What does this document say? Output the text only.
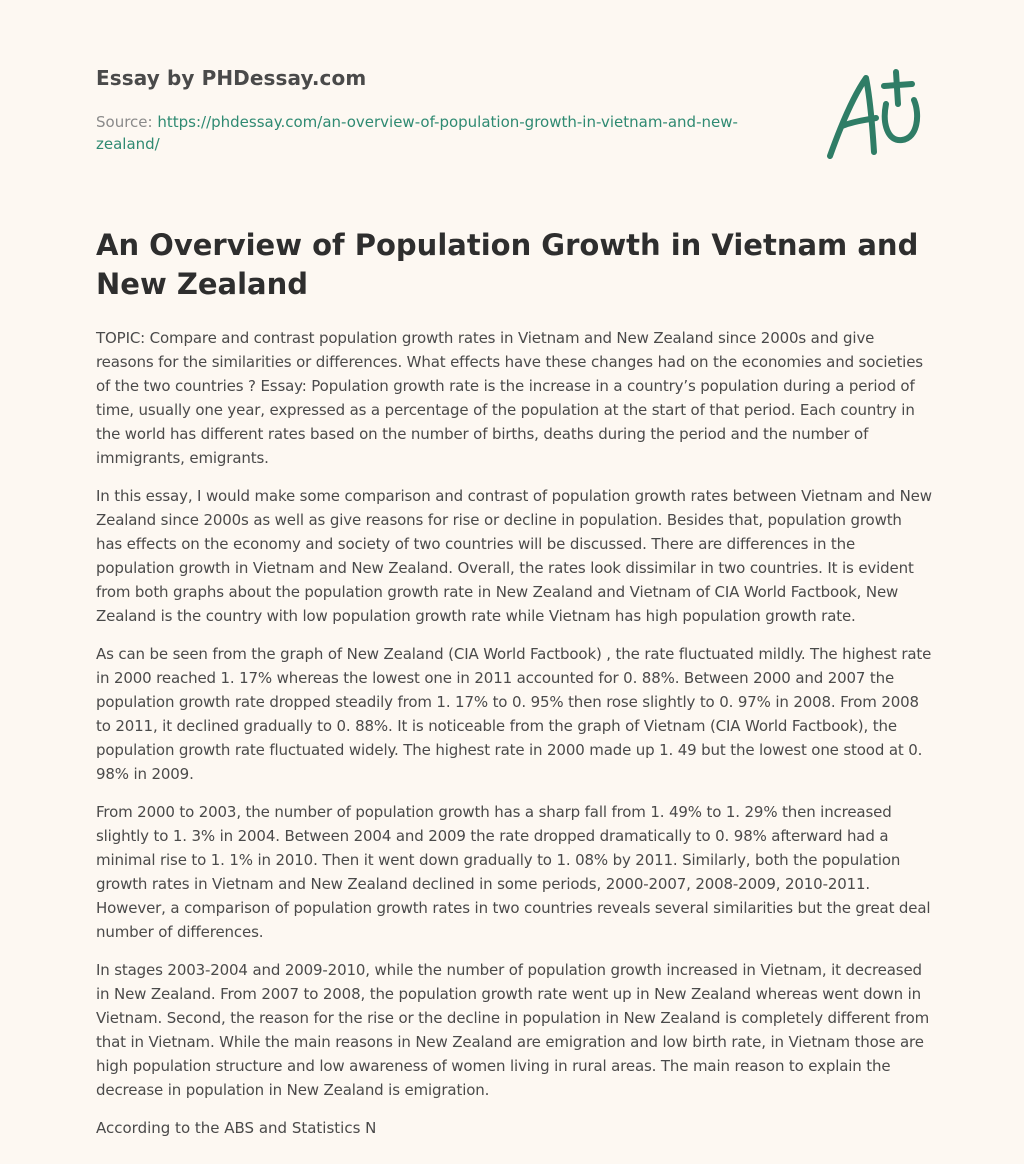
Essay by PHDessay.com
Source: https://phdessay.com/an-overview-of-population-growth-in-vietnam-and-new-zealand/
An Overview of Population Growth in Vietnam and New Zealand

TOPIC: Compare and contrast population growth rates in Vietnam and New Zealand since 2000s and give reasons for the similarities or differences. What effects have these changes had on the economies and societies of the two countries ? Essay: Population growth rate is the increase in a country’s population during a period of time, usually one year, expressed as a percentage of the population at the start of that period. Each country in the world has different rates based on the number of births, deaths during the period and the number of immigrants, emigrants.

In this essay, I would make some comparison and contrast of population growth rates between Vietnam and New Zealand since 2000s as well as give reasons for rise or decline in population. Besides that, population growth has effects on the economy and society of two countries will be discussed. There are differences in the population growth in Vietnam and New Zealand. Overall, the rates look dissimilar in two countries. It is evident from both graphs about the population growth rate in New Zealand and Vietnam of CIA World Factbook, New Zealand is the country with low population growth rate while Vietnam has high population growth rate.

As can be seen from the graph of New Zealand (CIA World Factbook) , the rate fluctuated mildly. The highest rate in 2000 reached 1. 17% whereas the lowest one in 2011 accounted for 0. 88%. Between 2000 and 2007 the population growth rate dropped steadily from 1. 17% to 0. 95% then rose slightly to 0. 97% in 2008. From 2008 to 2011, it declined gradually to 0. 88%. It is noticeable from the graph of Vietnam (CIA World Factbook), the population growth rate fluctuated widely. The highest rate in 2000 made up 1. 49 but the lowest one stood at 0. 98% in 2009.

From 2000 to 2003, the number of population growth has a sharp fall from 1. 49% to 1. 29% then increased slightly to 1. 3% in 2004. Between 2004 and 2009 the rate dropped dramatically to 0. 98% afterward had a minimal rise to 1. 1% in 2010. Then it went down gradually to 1. 08% by 2011. Similarly, both the population growth rates in Vietnam and New Zealand declined in some periods, 2000-2007, 2008-2009, 2010-2011. However, a comparison of population growth rates in two countries reveals several similarities but the great deal number of differences.

In stages 2003-2004 and 2009-2010, while the number of population growth increased in Vietnam, it decreased in New Zealand. From 2007 to 2008, the population growth rate went up in New Zealand whereas went down in Vietnam. Second, the reason for the rise or the decline in population in New Zealand is completely different from that in Vietnam. While the main reasons in New Zealand are emigration and low birth rate, in Vietnam those are high population structure and low awareness of women living in rural areas. The main reason to explain the decrease in population in New Zealand is emigration.

According to the ABS and Statistics N
